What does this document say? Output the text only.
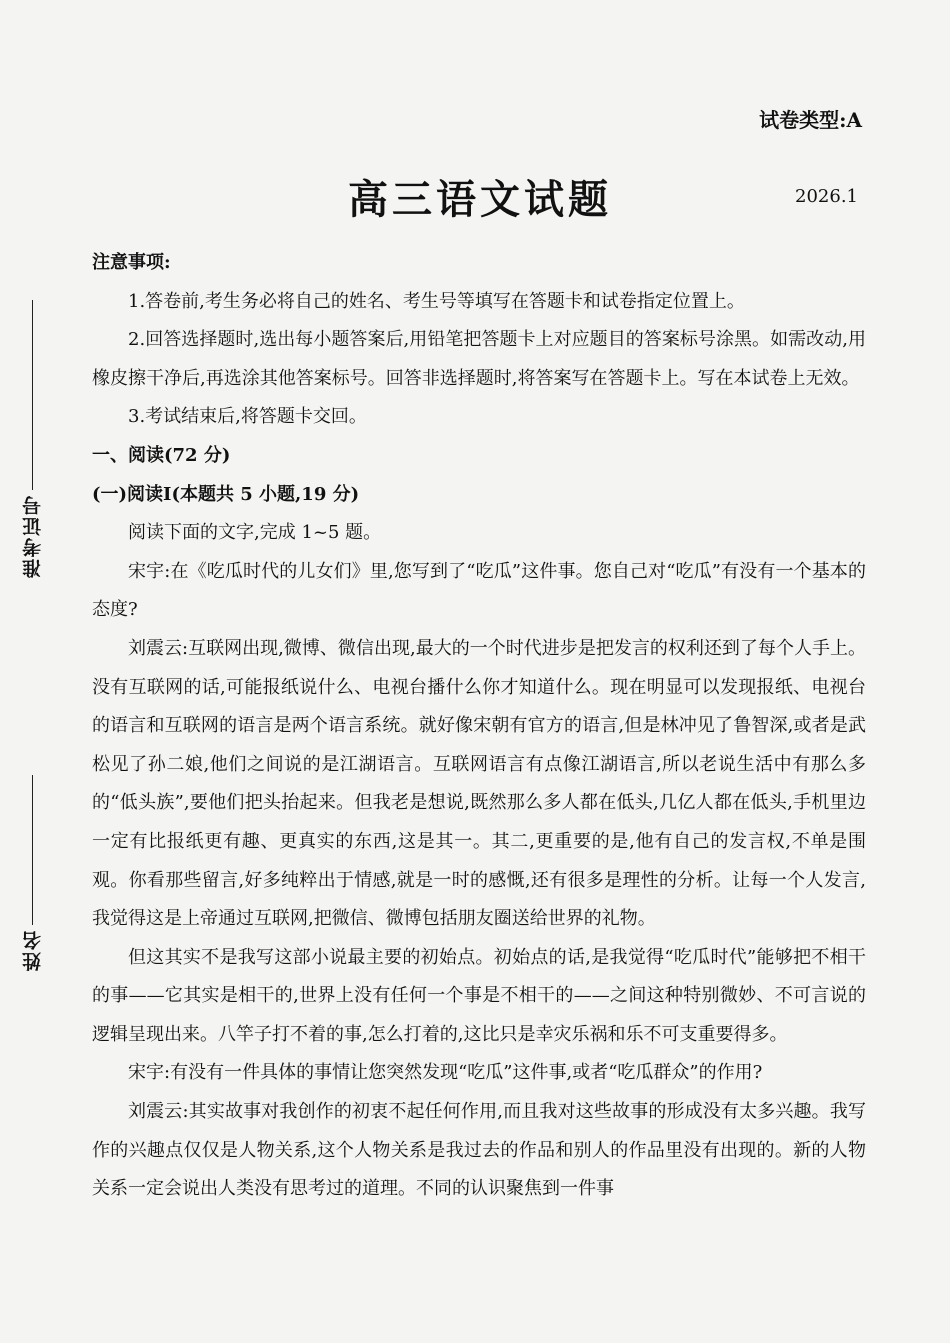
试卷类型:A
高三语文试题	2026.1
准考证号
姓名

注意事项:

1.答卷前,考生务必将自己的姓名、考生号等填写在答题卡和试卷指定位置上。

2.回答选择题时,选出每小题答案后,用铅笔把答题卡上对应题目的答案标号涂黑。如需改动,用橡皮擦干净后,再选涂其他答案标号。回答非选择题时,将答案写在答题卡上。写在本试卷上无效。

3.考试结束后,将答题卡交回。

一、阅读(72 分)

(一)阅读Ⅰ(本题共 5 小题,19 分)

阅读下面的文字,完成 1~5 题。

宋宇:在《吃瓜时代的儿女们》里,您写到了“吃瓜”这件事。您自己对“吃瓜”有没有一个基本的态度?

刘震云:互联网出现,微博、微信出现,最大的一个时代进步是把发言的权利还到了每个人手上。没有互联网的话,可能报纸说什么、电视台播什么你才知道什么。现在明显可以发现报纸、电视台的语言和互联网的语言是两个语言系统。就好像宋朝有官方的语言,但是林冲见了鲁智深,或者是武松见了孙二娘,他们之间说的是江湖语言。互联网语言有点像江湖语言,所以老说生活中有那么多的“低头族”,要他们把头抬起来。但我老是想说,既然那么多人都在低头,几亿人都在低头,手机里边一定有比报纸更有趣、更真实的东西,这是其一。其二,更重要的是,他有自己的发言权,不单是围观。你看那些留言,好多纯粹出于情感,就是一时的感慨,还有很多是理性的分析。让每一个人发言,我觉得这是上帝通过互联网,把微信、微博包括朋友圈送给世界的礼物。

但这其实不是我写这部小说最主要的初始点。初始点的话,是我觉得“吃瓜时代”能够把不相干的事——它其实是相干的,世界上没有任何一个事是不相干的——之间这种特别微妙、不可言说的逻辑呈现出来。八竿子打不着的事,怎么打着的,这比只是幸灾乐祸和乐不可支重要得多。

宋宇:有没有一件具体的事情让您突然发现“吃瓜”这件事,或者“吃瓜群众”的作用?

刘震云:其实故事对我创作的初衷不起任何作用,而且我对这些故事的形成没有太多兴趣。我写作的兴趣点仅仅是人物关系,这个人物关系是我过去的作品和别人的作品里没有出现的。新的人物关系一定会说出人类没有思考过的道理。不同的认识聚焦到一件事
